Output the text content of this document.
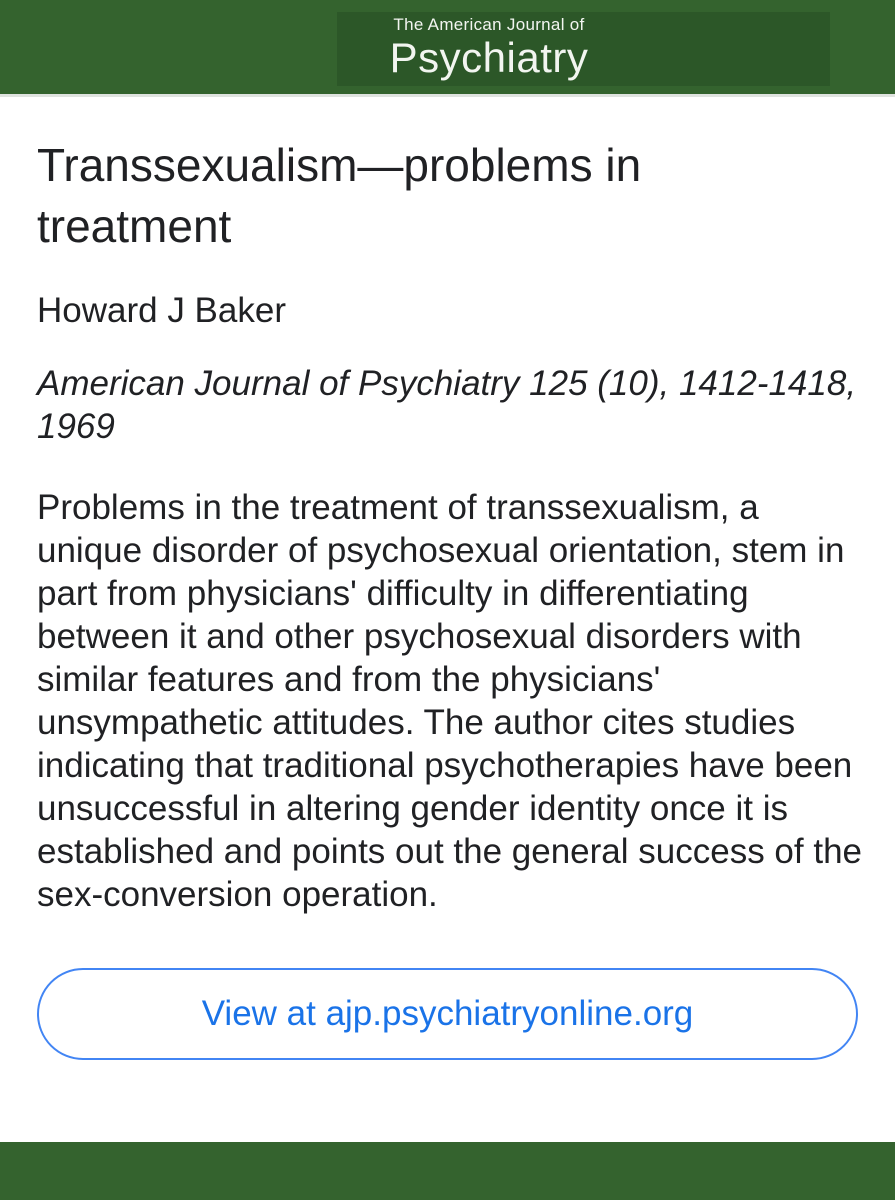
The American Journal of
Psychiatry
Transsexualism—problems in treatment
Howard J Baker
American Journal of Psychiatry 125 (10), 1412-1418, 1969

Problems in the treatment of transsexualism, a unique disorder of psychosexual orientation, stem in part from physicians' difficulty in differentiating between it and other psychosexual disorders with similar features and from the physicians' unsympathetic attitudes. The author cites studies indicating that traditional psychotherapies have been unsuccessful in altering gender identity once it is established and points out the general success of the sex-conversion operation.

View at ajp.psychiatryonline.org
